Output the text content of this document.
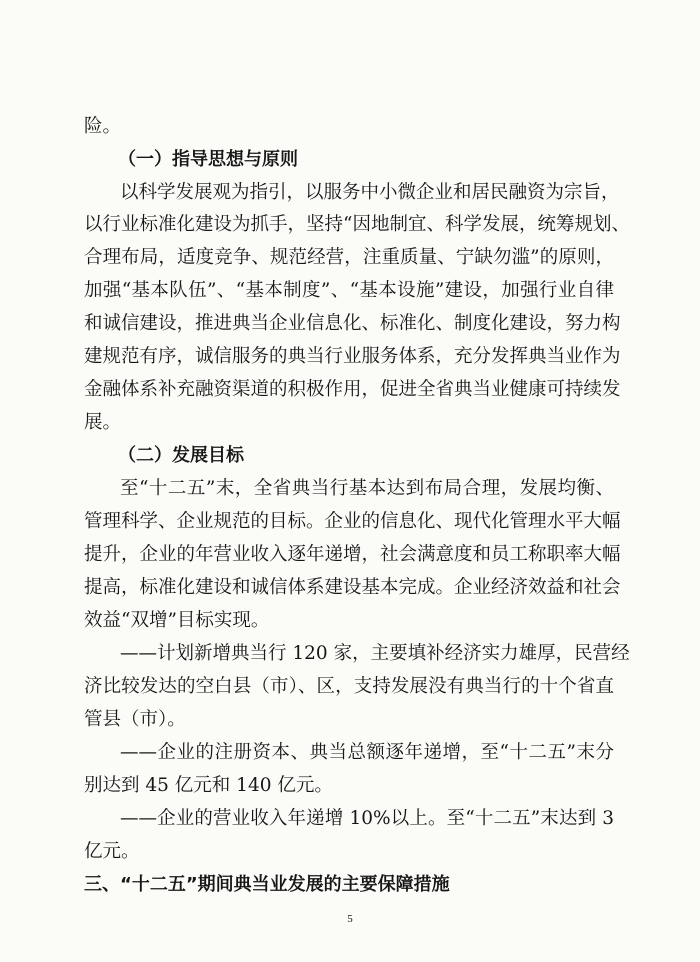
险。
（一）指导思想与原则
以科学发展观为指引，以服务中小微企业和居民融资为宗旨，
以行业标准化建设为抓手，坚持“因地制宜、科学发展，统筹规划、
合理布局，适度竞争、规范经营，注重质量、宁缺勿滥”的原则，
加强“基本队伍”、“基本制度”、“基本设施”建设，加强行业自律
和诚信建设，推进典当企业信息化、标准化、制度化建设，努力构
建规范有序，诚信服务的典当行业服务体系，充分发挥典当业作为
金融体系补充融资渠道的积极作用，促进全省典当业健康可持续发
展。
（二）发展目标
至“十二五”末，全省典当行基本达到布局合理，发展均衡、
管理科学、企业规范的目标。企业的信息化、现代化管理水平大幅
提升，企业的年营业收入逐年递增，社会满意度和员工称职率大幅
提高，标准化建设和诚信体系建设基本完成。企业经济效益和社会
效益“双增”目标实现。
——计划新增典当行 120 家，主要填补经济实力雄厚，民营经
济比较发达的空白县（市）、区，支持发展没有典当行的十个省直
管县（市）。
——企业的注册资本、典当总额逐年递增，至“十二五”末分
别达到 45 亿元和 140 亿元。
——企业的营业收入年递增 10%以上。至“十二五”末达到 3
亿元。
三、“十二五”期间典当业发展的主要保障措施
5
